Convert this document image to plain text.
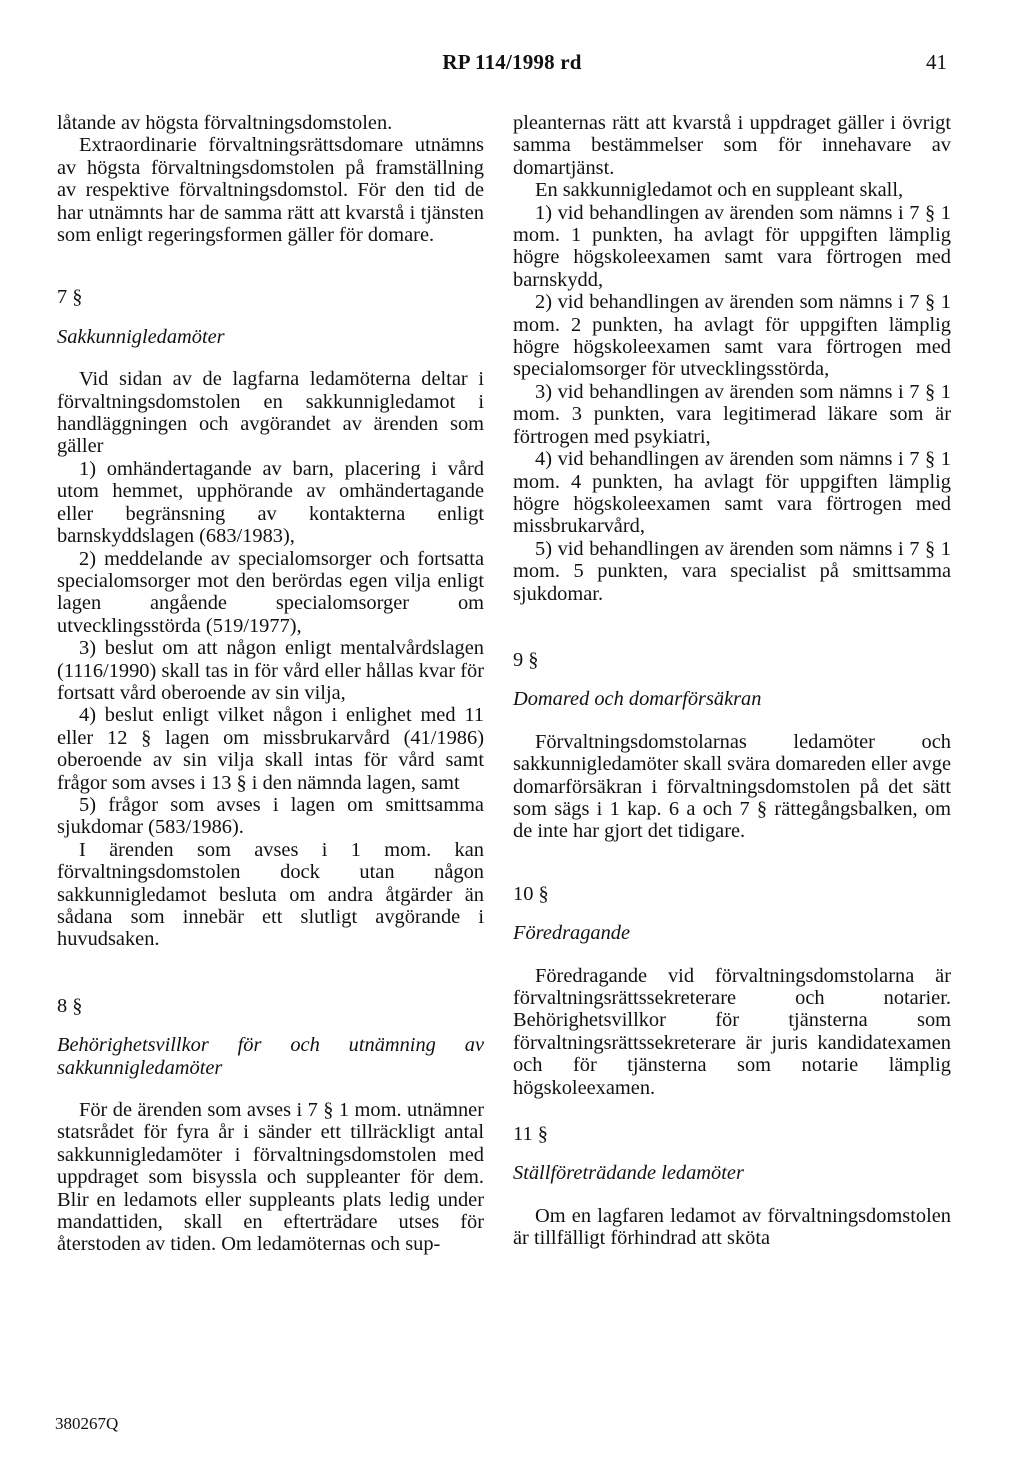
RP 114/1998 rd	41

låtande av högsta förvaltningsdomstolen.

Extraordinarie förvaltningsrättsdomare utnämns av högsta förvaltningsdomstolen på framställning av respektive förvaltningsdomstol. För den tid de har utnämnts har de samma rätt att kvarstå i tjänsten som enligt regeringsformen gäller för domare.

7 §

Sakkunnigledamöter

Vid sidan av de lagfarna ledamöterna deltar i förvaltningsdomstolen en sakkunnigledamot i handläggningen och avgörandet av ärenden som gäller

1) omhändertagande av barn, placering i vård utom hemmet, upphörande av omhändertagande eller begränsning av kontakterna enligt barnskyddslagen (683/1983),

2) meddelande av specialomsorger och fortsatta specialomsorger mot den berördas egen vilja enligt lagen angående specialomsorger om utvecklingsstörda (519/1977),

3) beslut om att någon enligt mentalvårdslagen (1116/1990) skall tas in för vård eller hållas kvar för fortsatt vård oberoende av sin vilja,

4) beslut enligt vilket någon i enlighet med 11 eller 12 § lagen om missbrukarvård (41/1986) oberoende av sin vilja skall intas för vård samt frågor som avses i 13 § i den nämnda lagen, samt

5) frågor som avses i lagen om smittsamma sjukdomar (583/1986).

I ärenden som avses i 1 mom. kan förvaltningsdomstolen dock utan någon sakkunnigledamot besluta om andra åtgärder än sådana som innebär ett slutligt avgörande i huvudsaken.

8 §

Behörighetsvillkor för och utnämning av sakkunnigledamöter

För de ärenden som avses i 7 § 1 mom. utnämner statsrådet för fyra år i sänder ett tillräckligt antal sakkunnigledamöter i förvaltningsdomstolen med uppdraget som bisyssla och suppleanter för dem. Blir en ledamots eller suppleants plats ledig under mandattiden, skall en efterträdare utses för återstoden av tiden. Om ledamöternas och sup-

pleanternas rätt att kvarstå i uppdraget gäller i övrigt samma bestämmelser som för innehavare av domartjänst.

En sakkunnigledamot och en suppleant skall,

1) vid behandlingen av ärenden som nämns i 7 § 1 mom. 1 punkten, ha avlagt för uppgiften lämplig högre högskoleexamen samt vara förtrogen med barnskydd,

2) vid behandlingen av ärenden som nämns i 7 § 1 mom. 2 punkten, ha avlagt för uppgiften lämplig högre högskoleexamen samt vara förtrogen med specialomsorger för utvecklingsstörda,

3) vid behandlingen av ärenden som nämns i 7 § 1 mom. 3 punkten, vara legitimerad läkare som är förtrogen med psykiatri,

4) vid behandlingen av ärenden som nämns i 7 § 1 mom. 4 punkten, ha avlagt för uppgiften lämplig högre högskoleexamen samt vara förtrogen med missbrukarvård,

5) vid behandlingen av ärenden som nämns i 7 § 1 mom. 5 punkten, vara specialist på smittsamma sjukdomar.

9 §

Domared och domarförsäkran

Förvaltningsdomstolarnas ledamöter och sakkunnigledamöter skall svära domareden eller avge domarförsäkran i förvaltningsdomstolen på det sätt som sägs i 1 kap. 6 a och 7 § rättegångsbalken, om de inte har gjort det tidigare.

10 §

Föredragande

Föredragande vid förvaltningsdomstolarna är förvaltningsrättssekreterare och notarier. Behörighetsvillkor för tjänsterna som förvaltningsrättssekreterare är juris kandidatexamen och för tjänsterna som notarie lämplig högskoleexamen.

11 §

Ställföreträdande ledamöter

Om en lagfaren ledamot av förvaltningsdomstolen är tillfälligt förhindrad att sköta

380267Q
